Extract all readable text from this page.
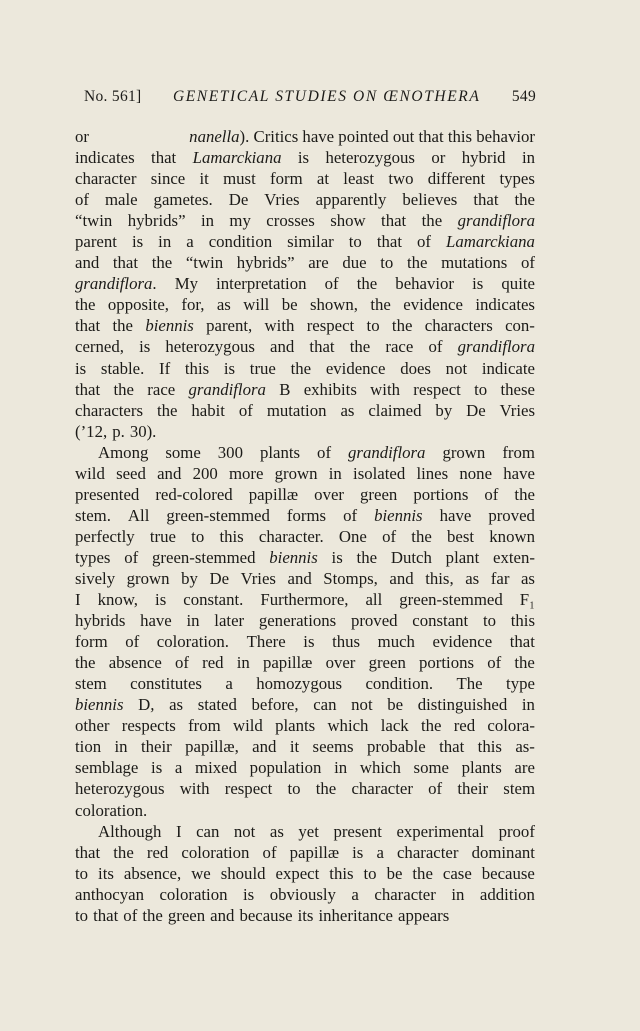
No. 561] GENETICAL STUDIES ON ŒNOTHERA 549
or	nanella). Critics have pointed out that this behavior
indicates that Lamarckiana is heterozygous or hybrid in
character since it must form at least two different types
of male gametes. De Vries apparently believes that the
“twin hybrids” in my crosses show that the grandiflora
parent is in a condition similar to that of Lamarckiana
and that the “twin hybrids” are due to the mutations of
grandiflora. My interpretation of the behavior is quite
the opposite, for, as will be shown, the evidence indicates
that the biennis parent, with respect to the characters con-
cerned, is heterozygous and that the race of grandiflora
is stable. If this is true the evidence does not indicate
that the race grandiflora B exhibits with respect to these
characters the habit of mutation as claimed by De Vries
(’12, p. 30).
Among some 300 plants of grandiflora grown from
wild seed and 200 more grown in isolated lines none have
presented red-colored papillæ over green portions of the
stem. All green-stemmed forms of biennis have proved
perfectly true to this character. One of the best known
types of green-stemmed biennis is the Dutch plant exten-
sively grown by De Vries and Stomps, and this, as far as
I know, is constant. Furthermore, all green-stemmed F₁
hybrids have in later generations proved constant to this
form of coloration. There is thus much evidence that
the absence of red in papillæ over green portions of the
stem constitutes a homozygous condition. The type
biennis D, as stated before, can not be distinguished in
other respects from wild plants which lack the red colora-
tion in their papillæ, and it seems probable that this as-
semblage is a mixed population in which some plants are
heterozygous with respect to the character of their stem
coloration.
Although I can not as yet present experimental proof
that the red coloration of papillæ is a character dominant
to its absence, we should expect this to be the case because
anthocyan coloration is obviously a character in addition
to that of the green and because its inheritance appears
